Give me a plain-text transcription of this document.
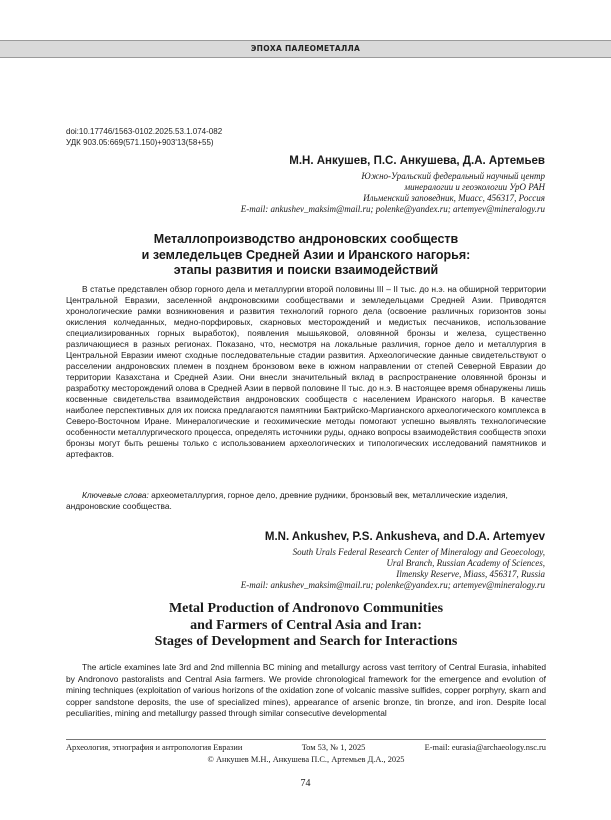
ЭПОХА ПАЛЕОМЕТАЛЛА
doi:10.17746/1563-0102.2025.53.1.074-082
УДК 903.05:669(571.150)+903'13(58+55)
М.Н. Анкушев, П.С. Анкушева, Д.А. Артемьев
Южно-Уральский федеральный научный центр
минералогии и геоэкологии УрО РАН
Ильменский заповедник, Миасс, 456317, Россия
E-mail: ankushev_maksim@mail.ru; polenke@yandex.ru; artemyev@mineralogy.ru
Металлопроизводство андроновских сообществ
и земледельцев Средней Азии и Иранского нагорья:
этапы развития и поиски взаимодействий

В статье представлен обзор горного дела и металлургии второй половины III – II тыс. до н.э. на обширной территории Центральной Евразии, заселенной андроновскими сообществами и земледельцами Средней Азии. Приводятся хронологические рамки возникновения и развития технологий горного дела (освоение различных горизонтов зоны окисления колчеданных, медно-порфировых, скарновых месторождений и медистых песчаников, использование специализированных горных выработок), появления мышьяковой, оловянной бронзы и железа, существенно различающиеся в разных регионах. Показано, что, несмотря на локальные различия, горное дело и металлургия в Центральной Евразии имеют сходные последовательные стадии развития. Археологические данные свидетельствуют о расселении андроновских племен в позднем бронзовом веке в южном направлении от степей Северной Евразии до территории Казахстана и Средней Азии. Они внесли значительный вклад в распространение оловянной бронзы и разработку месторождений олова в Средней Азии в первой половине II тыс. до н.э. В настоящее время обнаружены лишь косвенные свидетельства взаимодействия андроновских сообществ с населением Иранского нагорья. В качестве наиболее перспективных для их поиска предлагаются памятники Бактрийско-Маргианского археологического комплекса в Северо-Восточном Иране. Минералогические и геохимические методы помогают успешно выявлять технологические особенности металлургического процесса, определять источники руды, однако вопросы взаимодействия сообществ эпохи бронзы могут быть решены только с использованием археологических и типологических исследований памятников и артефактов.

Ключевые слова: археометаллургия, горное дело, древние рудники, бронзовый век, металлические изделия, андроновские сообщества.

M.N. Ankushev, P.S. Ankusheva, and D.A. Artemyev
South Urals Federal Research Center of Mineralogy and Geoecology,
Ural Branch, Russian Academy of Sciences,
Ilmensky Reserve, Miass, 456317, Russia
E-mail: ankushev_maksim@mail.ru; polenke@yandex.ru; artemyev@mineralogy.ru
Metal Production of Andronovo Communities
and Farmers of Central Asia and Iran:
Stages of Development and Search for Interactions

The article examines late 3rd and 2nd millennia BC mining and metallurgy across vast territory of Central Eurasia, inhabited by Andronovo pastoralists and Central Asia farmers. We provide chronological framework for the emergence and evolution of mining techniques (exploitation of various horizons of the oxidation zone of volcanic massive sulfides, copper porphyry, skarn and copper sandstone deposits, the use of specialized mines), appearance of arsenic bronze, tin bronze, and iron. Despite local peculiarities, mining and metallurgy passed through similar consecutive developmental

Археология, этнография и антропология Евразии	Том 53, № 1, 2025	E-mail: eurasia@archaeology.nsc.ru
© Анкушев М.Н., Анкушева П.С., Артемьев Д.А., 2025
74
